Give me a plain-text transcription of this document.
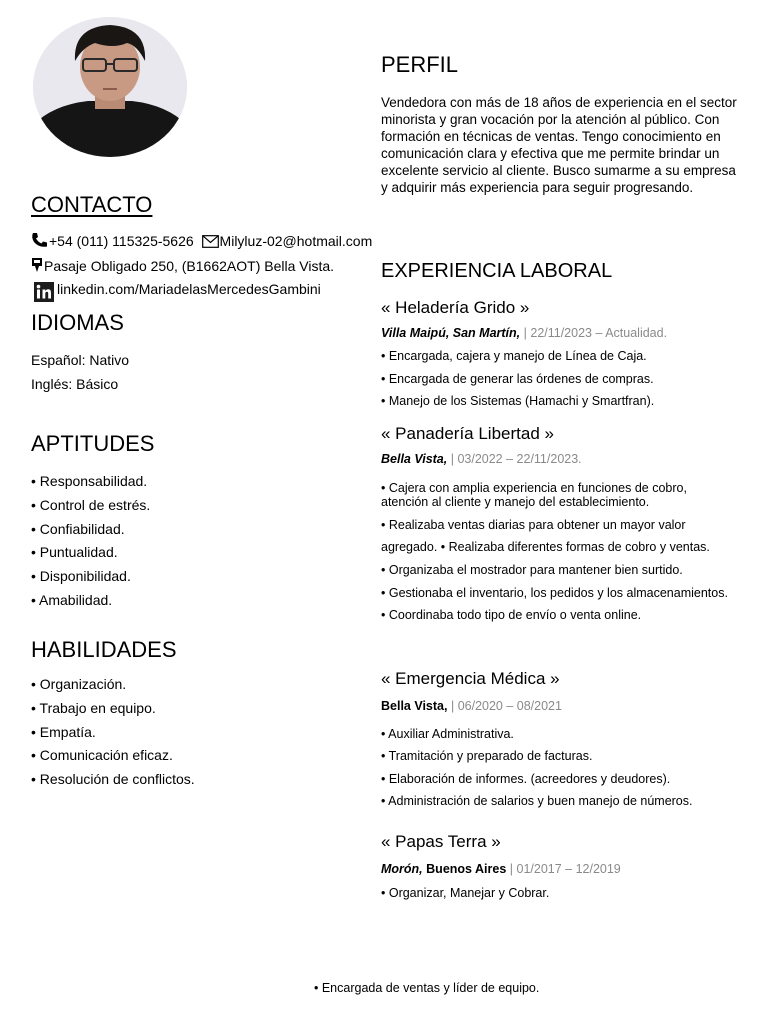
PERFIL
Vendedora con más de 18 años de experiencia en el sector minorista y gran vocación por la atención al público. Con formación en técnicas de ventas. Tengo conocimiento en comunicación clara y efectiva que me permite brindar un excelente servicio al cliente. Busco sumarme a su empresa y adquirir más experiencia para seguir progresando.
CONTACTO
+54 (011) 115325-5626 Milyluz-02@hotmail.com
Pasaje Obligado 250, (B1662AOT) Bella Vista.
linkedin.com/MariadelasMercedesGambini
IDIOMAS
Español: Nativo
Inglés: Básico
APTITUDES
• Responsabilidad.
• Control de estrés.
• Confiabilidad.
• Puntualidad.
• Disponibilidad.
• Amabilidad.
HABILIDADES
• Organización.
• Trabajo en equipo.
• Empatía.
• Comunicación eficaz.
• Resolución de conflictos.
EXPERIENCIA LABORAL
« Heladería Grido »
Villa Maipú, San Martín, | 22/11/2023 – Actualidad.
• Encargada, cajera y manejo de Línea de Caja.
• Encargada de generar las órdenes de compras.
• Manejo de los Sistemas (Hamachi y Smartfran).
« Panadería Libertad »
Bella Vista, | 03/2022 – 22/11/2023.
• Cajera con amplia experiencia en funciones de cobro, atención al cliente y manejo del establecimiento.
• Realizaba ventas diarias para obtener un mayor valor agregado. • Realizaba diferentes formas de cobro y ventas.
• Organizaba el mostrador para mantener bien surtido.
• Gestionaba el inventario, los pedidos y los almacenamientos. • Coordinaba todo tipo de envío o venta online.
« Emergencia Médica »
Bella Vista, | 06/2020 – 08/2021
• Auxiliar Administrativa.
• Tramitación y preparado de facturas.
• Elaboración de informes. (acreedores y deudores).
• Administración de salarios y buen manejo de números.
« Papas Terra »
Morón, Buenos Aires | 01/2017 – 12/2019
• Organizar, Manejar y Cobrar.
• Encargada de ventas y líder de equipo.
